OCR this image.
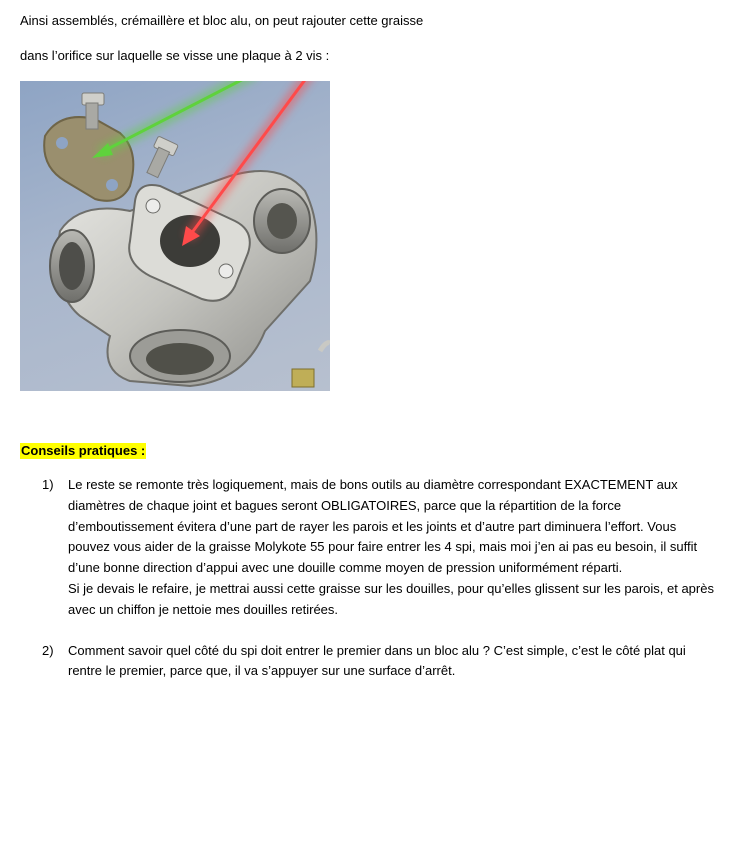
Ainsi assemblés, crémaillère et bloc alu, on peut rajouter cette graisse
dans l’orifice sur laquelle se visse une plaque à 2 vis :
Conseils pratiques :
1) Le reste se remonte très logiquement, mais de bons outils au diamètre correspondant EXACTEMENT aux diamètres de chaque joint et bagues seront OBLIGATOIRES, parce que la répartition de la force d’emboutissement évitera d’une part de rayer les parois et les joints et d’autre part diminuera l’effort. Vous pouvez vous aider de la graisse Molykote 55 pour faire entrer les 4 spi, mais moi j’en ai pas eu besoin, il suffit d’une bonne direction d’appui avec une douille comme moyen de pression uniformément réparti.

Si je devais le refaire, je mettrai aussi cette graisse sur les douilles, pour qu’elles glissent sur les parois, et après avec un chiffon je nettoie mes douilles retirées.

2) Comment savoir quel côté du spi doit entrer le premier dans un bloc alu ? C’est simple, c’est le côté plat qui rentre le premier, parce que, il va s’appuyer sur une surface d’arrêt.
